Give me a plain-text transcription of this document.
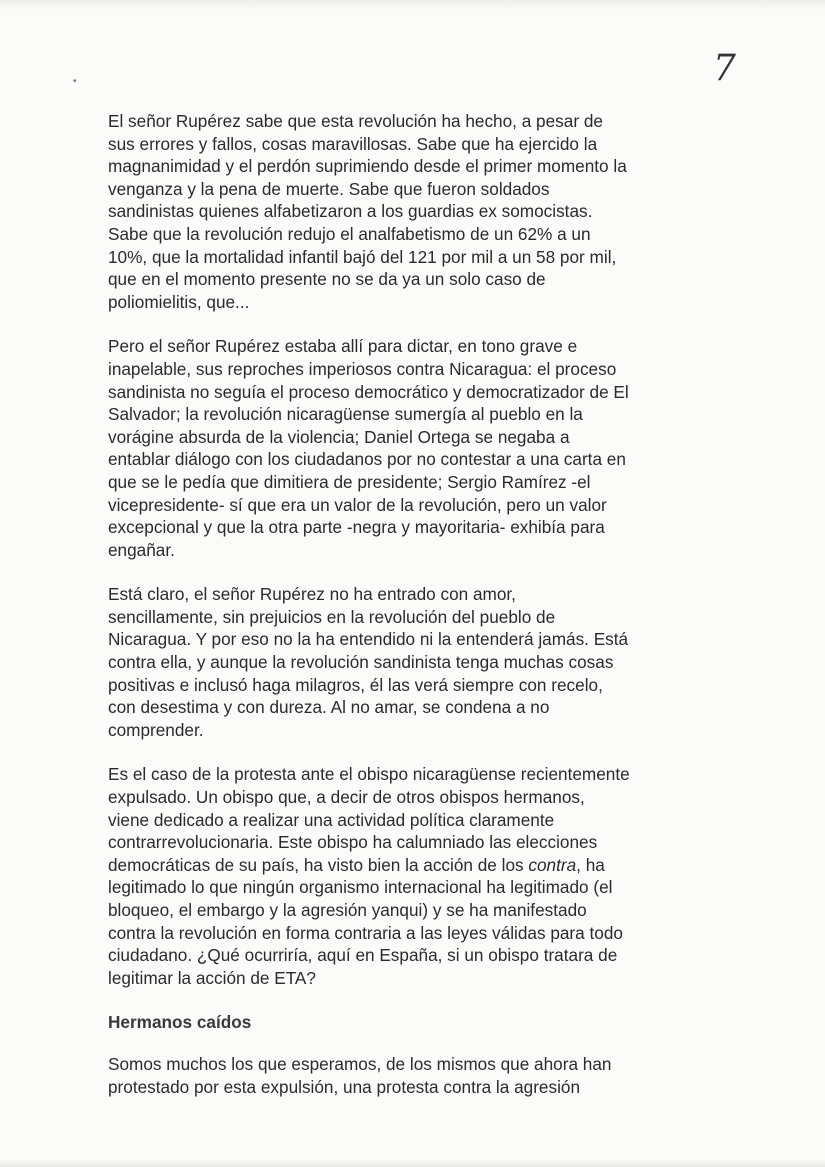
•	7
El señor Rupérez sabe que esta revolución ha hecho, a pesar de
sus errores y fallos, cosas maravillosas. Sabe que ha ejercido la
magnanimidad y el perdón suprimiendo desde el primer momento la
venganza y la pena de muerte. Sabe que fueron soldados
sandinistas quienes alfabetizaron a los guardias ex somocistas.
Sabe que la revolución redujo el analfabetismo de un 62% a un
10%, que la mortalidad infantil bajó del 121 por mil a un 58 por mil,
que en el momento presente no se da ya un solo caso de
poliomielitis, que...
Pero el señor Rupérez estaba allí para dictar, en tono grave e
inapelable, sus reproches imperiosos contra Nicaragua: el proceso
sandinista no seguía el proceso democrático y democratizador de El
Salvador; la revolución nicaragüense sumergía al pueblo en la
vorágine absurda de la violencia; Daniel Ortega se negaba a
entablar diálogo con los ciudadanos por no contestar a una carta en
que se le pedía que dimitiera de presidente; Sergio Ramírez -el
vicepresidente- sí que era un valor de la revolución, pero un valor
excepcional y que la otra parte -negra y mayoritaria- exhibía para
engañar.
Está claro, el señor Rupérez no ha entrado con amor,
sencillamente, sin prejuicios en la revolución del pueblo de
Nicaragua. Y por eso no la ha entendido ni la entenderá jamás. Está
contra ella, y aunque la revolución sandinista tenga muchas cosas
positivas e inclusó haga milagros, él las verá siempre con recelo,
con desestima y con dureza. Al no amar, se condena a no
comprender.
Es el caso de la protesta ante el obispo nicaragüense recientemente
expulsado. Un obispo que, a decir de otros obispos hermanos,
viene dedicado a realizar una actividad política claramente
contrarrevolucionaria. Este obispo ha calumniado las elecciones
democráticas de su país, ha visto bien la acción de los contra, ha
legitimado lo que ningún organismo internacional ha legitimado (el
bloqueo, el embargo y la agresión yanqui) y se ha manifestado
contra la revolución en forma contraria a las leyes válidas para todo
ciudadano. ¿Qué ocurriría, aquí en España, si un obispo tratara de
legitimar la acción de ETA?
Hermanos caídos
Somos muchos los que esperamos, de los mismos que ahora han
protestado por esta expulsión, una protesta contra la agresión
